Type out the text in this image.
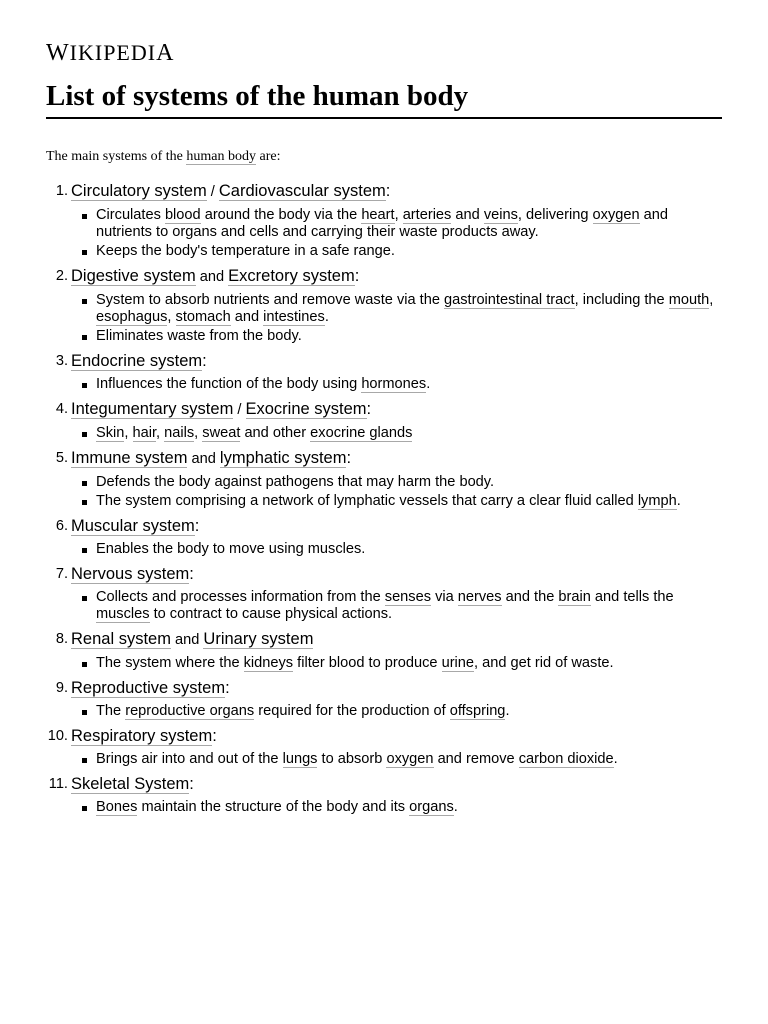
WIKIPEDIA
List of systems of the human body
The main systems of the human body are:
1. Circulatory system / Cardiovascular system:
Circulates blood around the body via the heart, arteries and veins, delivering oxygen and nutrients to organs and cells and carrying their waste products away.
Keeps the body's temperature in a safe range.
2. Digestive system and Excretory system:
System to absorb nutrients and remove waste via the gastrointestinal tract, including the mouth, esophagus, stomach and intestines.
Eliminates waste from the body.
3. Endocrine system:
Influences the function of the body using hormones.
4. Integumentary system / Exocrine system:
Skin, hair, nails, sweat and other exocrine glands
5. Immune system and lymphatic system:
Defends the body against pathogens that may harm the body.
The system comprising a network of lymphatic vessels that carry a clear fluid called lymph.
6. Muscular system:
Enables the body to move using muscles.
7. Nervous system:
Collects and processes information from the senses via nerves and the brain and tells the muscles to contract to cause physical actions.
8. Renal system and Urinary system
The system where the kidneys filter blood to produce urine, and get rid of waste.
9. Reproductive system:
The reproductive organs required for the production of offspring.
10. Respiratory system:
Brings air into and out of the lungs to absorb oxygen and remove carbon dioxide.
11. Skeletal System:
Bones maintain the structure of the body and its organs.
